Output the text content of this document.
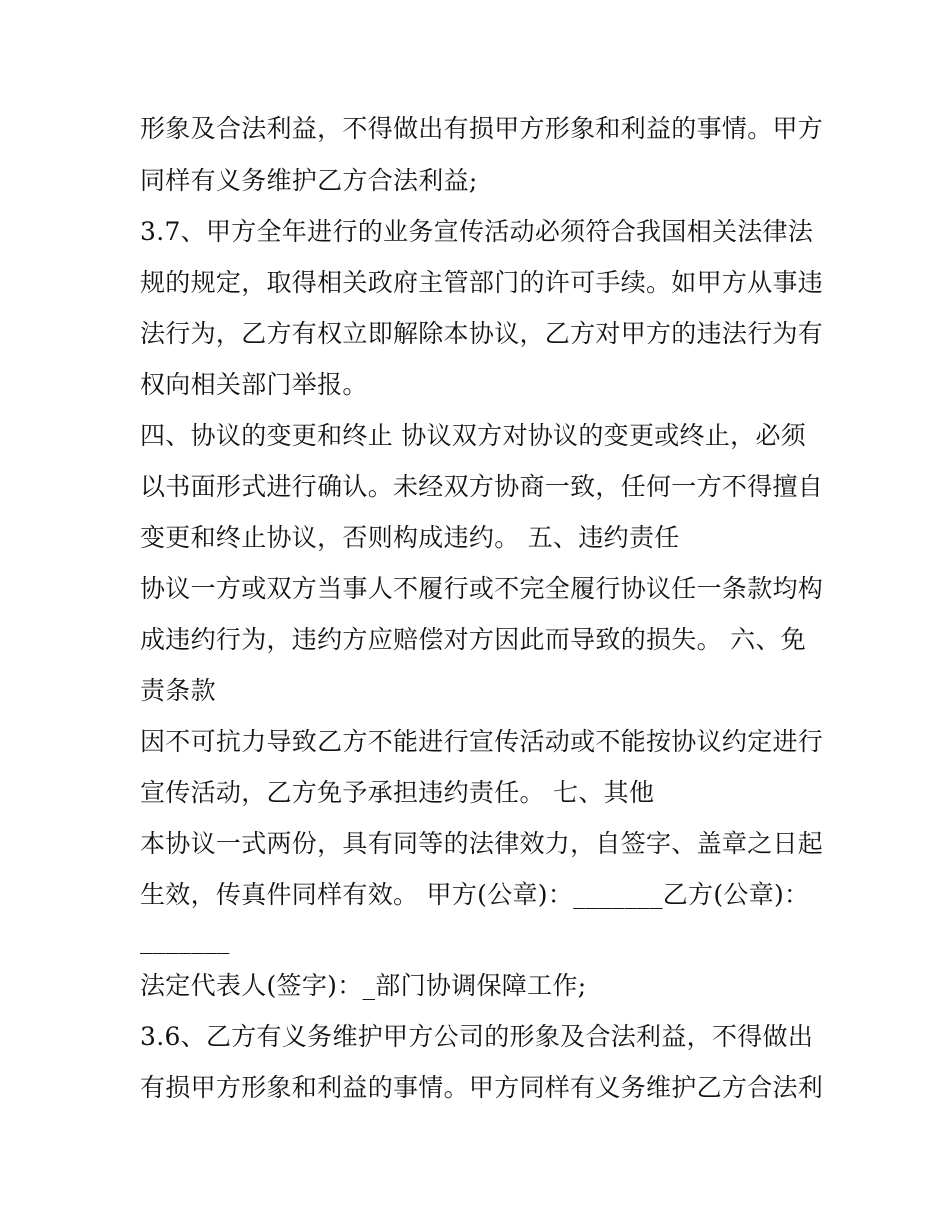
形象及合法利益，不得做出有损甲方形象和利益的事情。甲方
同样有义务维护乙方合法利益;
3.7、甲方全年进行的业务宣传活动必须符合我国相关法律法
规的规定，取得相关政府主管部门的许可手续。如甲方从事违
法行为，乙方有权立即解除本协议，乙方对甲方的违法行为有
权向相关部门举报。
四、协议的变更和终止 协议双方对协议的变更或终止，必须
以书面形式进行确认。未经双方协商一致，任何一方不得擅自
变更和终止协议，否则构成违约。 五、违约责任
协议一方或双方当事人不履行或不完全履行协议任一条款均构
成违约行为，违约方应赔偿对方因此而导致的损失。 六、免
责条款
因不可抗力导致乙方不能进行宣传活动或不能按协议约定进行
宣传活动，乙方免予承担违约责任。 七、其他
本协议一式两份，具有同等的法律效力，自签字、盖章之日起
生效，传真件同样有效。 甲方(公章)：_______乙方(公章)：
_______
法定代表人(签字)：_部门协调保障工作;
3.6、乙方有义务维护甲方公司的形象及合法利益，不得做出
有损甲方形象和利益的事情。甲方同样有义务维护乙方合法利
